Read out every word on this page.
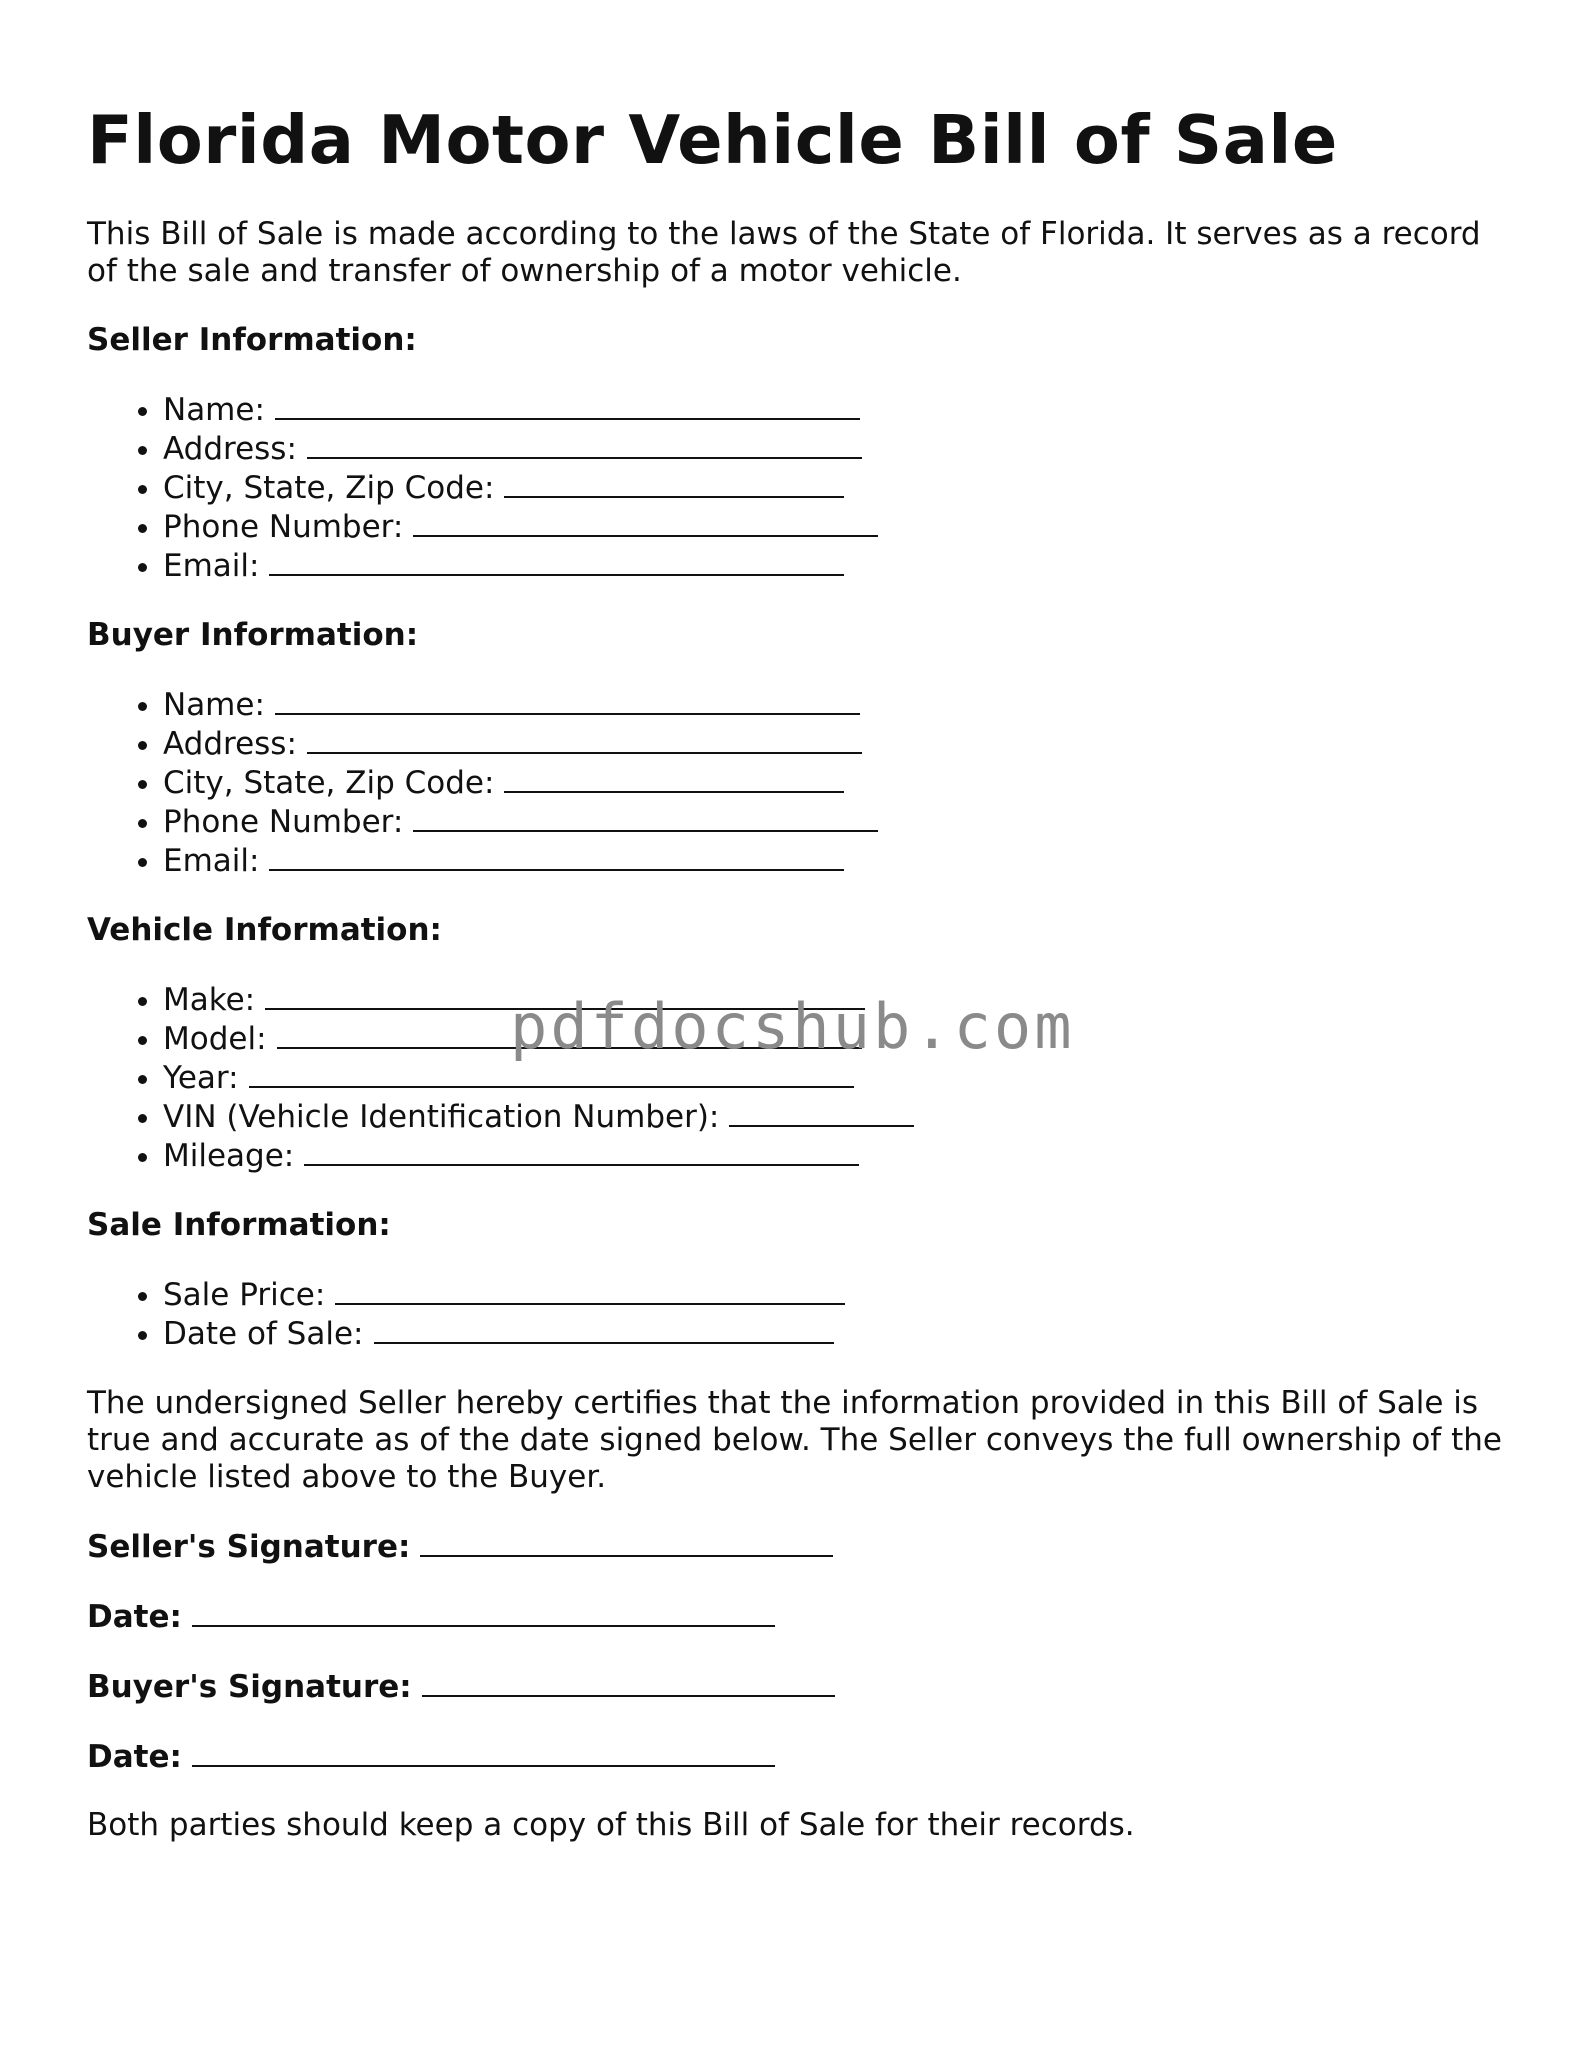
Florida Motor Vehicle Bill of Sale

This Bill of Sale is made according to the laws of the State of Florida. It serves as a record of the sale and transfer of ownership of a motor vehicle.

Seller Information:
• Name:
• Address:
• City, State, Zip Code:
• Phone Number:
• Email:
Buyer Information:
• Name:
• Address:
• City, State, Zip Code:
• Phone Number:
• Email:
Vehicle Information:
• Make:
• Model:
• Year:
• VIN (Vehicle Identification Number):
• Mileage:
Sale Information:
• Sale Price:
• Date of Sale:

The undersigned Seller hereby certifies that the information provided in this Bill of Sale is true and accurate as of the date signed below. The Seller conveys the full ownership of the vehicle listed above to the Buyer.

Seller's Signature:

Date:

Buyer's Signature:

Date:

Both parties should keep a copy of this Bill of Sale for their records.

pdfdocshub.com
